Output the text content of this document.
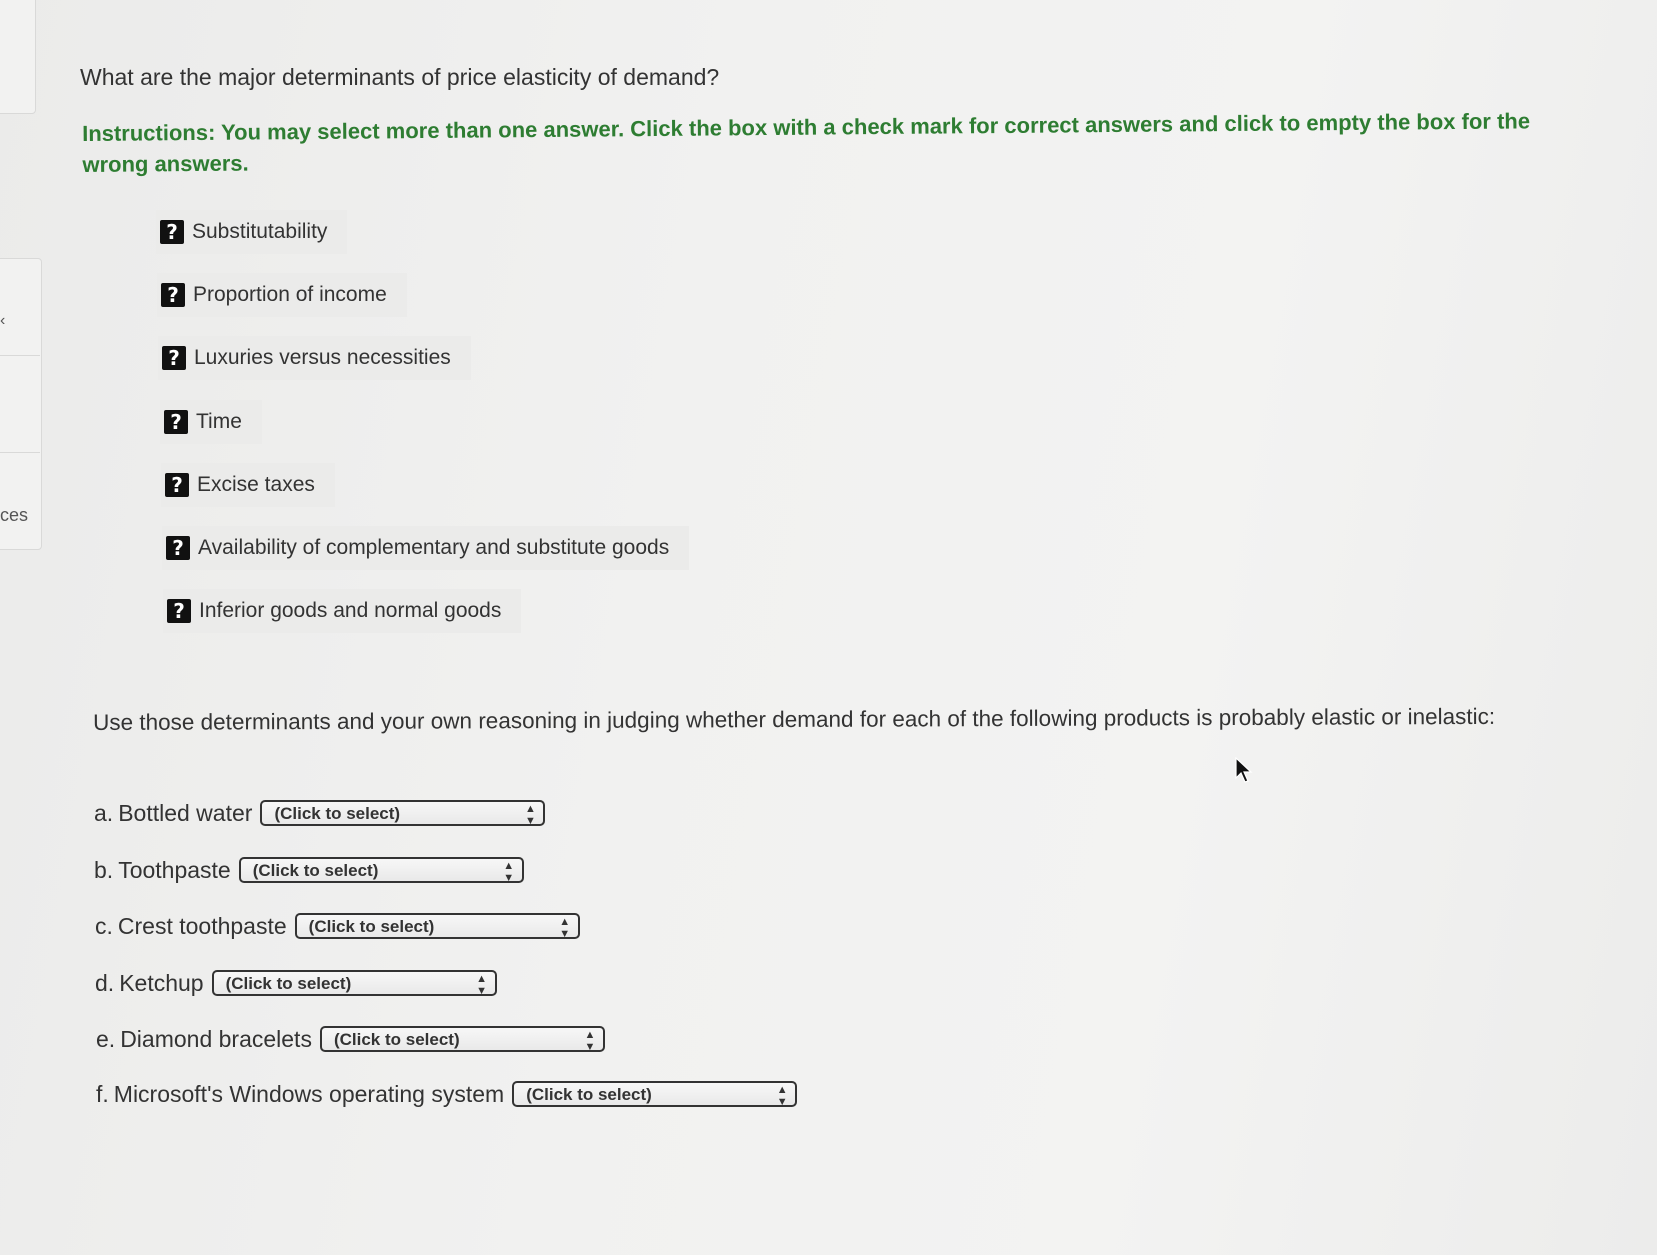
‹
ces
What are the major determinants of price elasticity of demand?
Instructions: You may select more than one answer. Click the box with a check mark for correct answers and click to empty the box for the wrong answers.
? Substitutability
? Proportion of income
? Luxuries versus necessities
? Time
? Excise taxes
? Availability of complementary and substitute goods
? Inferior goods and normal goods
Use those determinants and your own reasoning in judging whether demand for each of the following products is probably elastic or inelastic:
a. Bottled water (Click to select)	▲▼
b. Toothpaste (Click to select)	▲▼
c. Crest toothpaste (Click to select)	▲▼
d. Ketchup (Click to select)	▲▼
e. Diamond bracelets (Click to select)	▲▼
f. Microsoft's Windows operating system (Click to select)	▲▼
